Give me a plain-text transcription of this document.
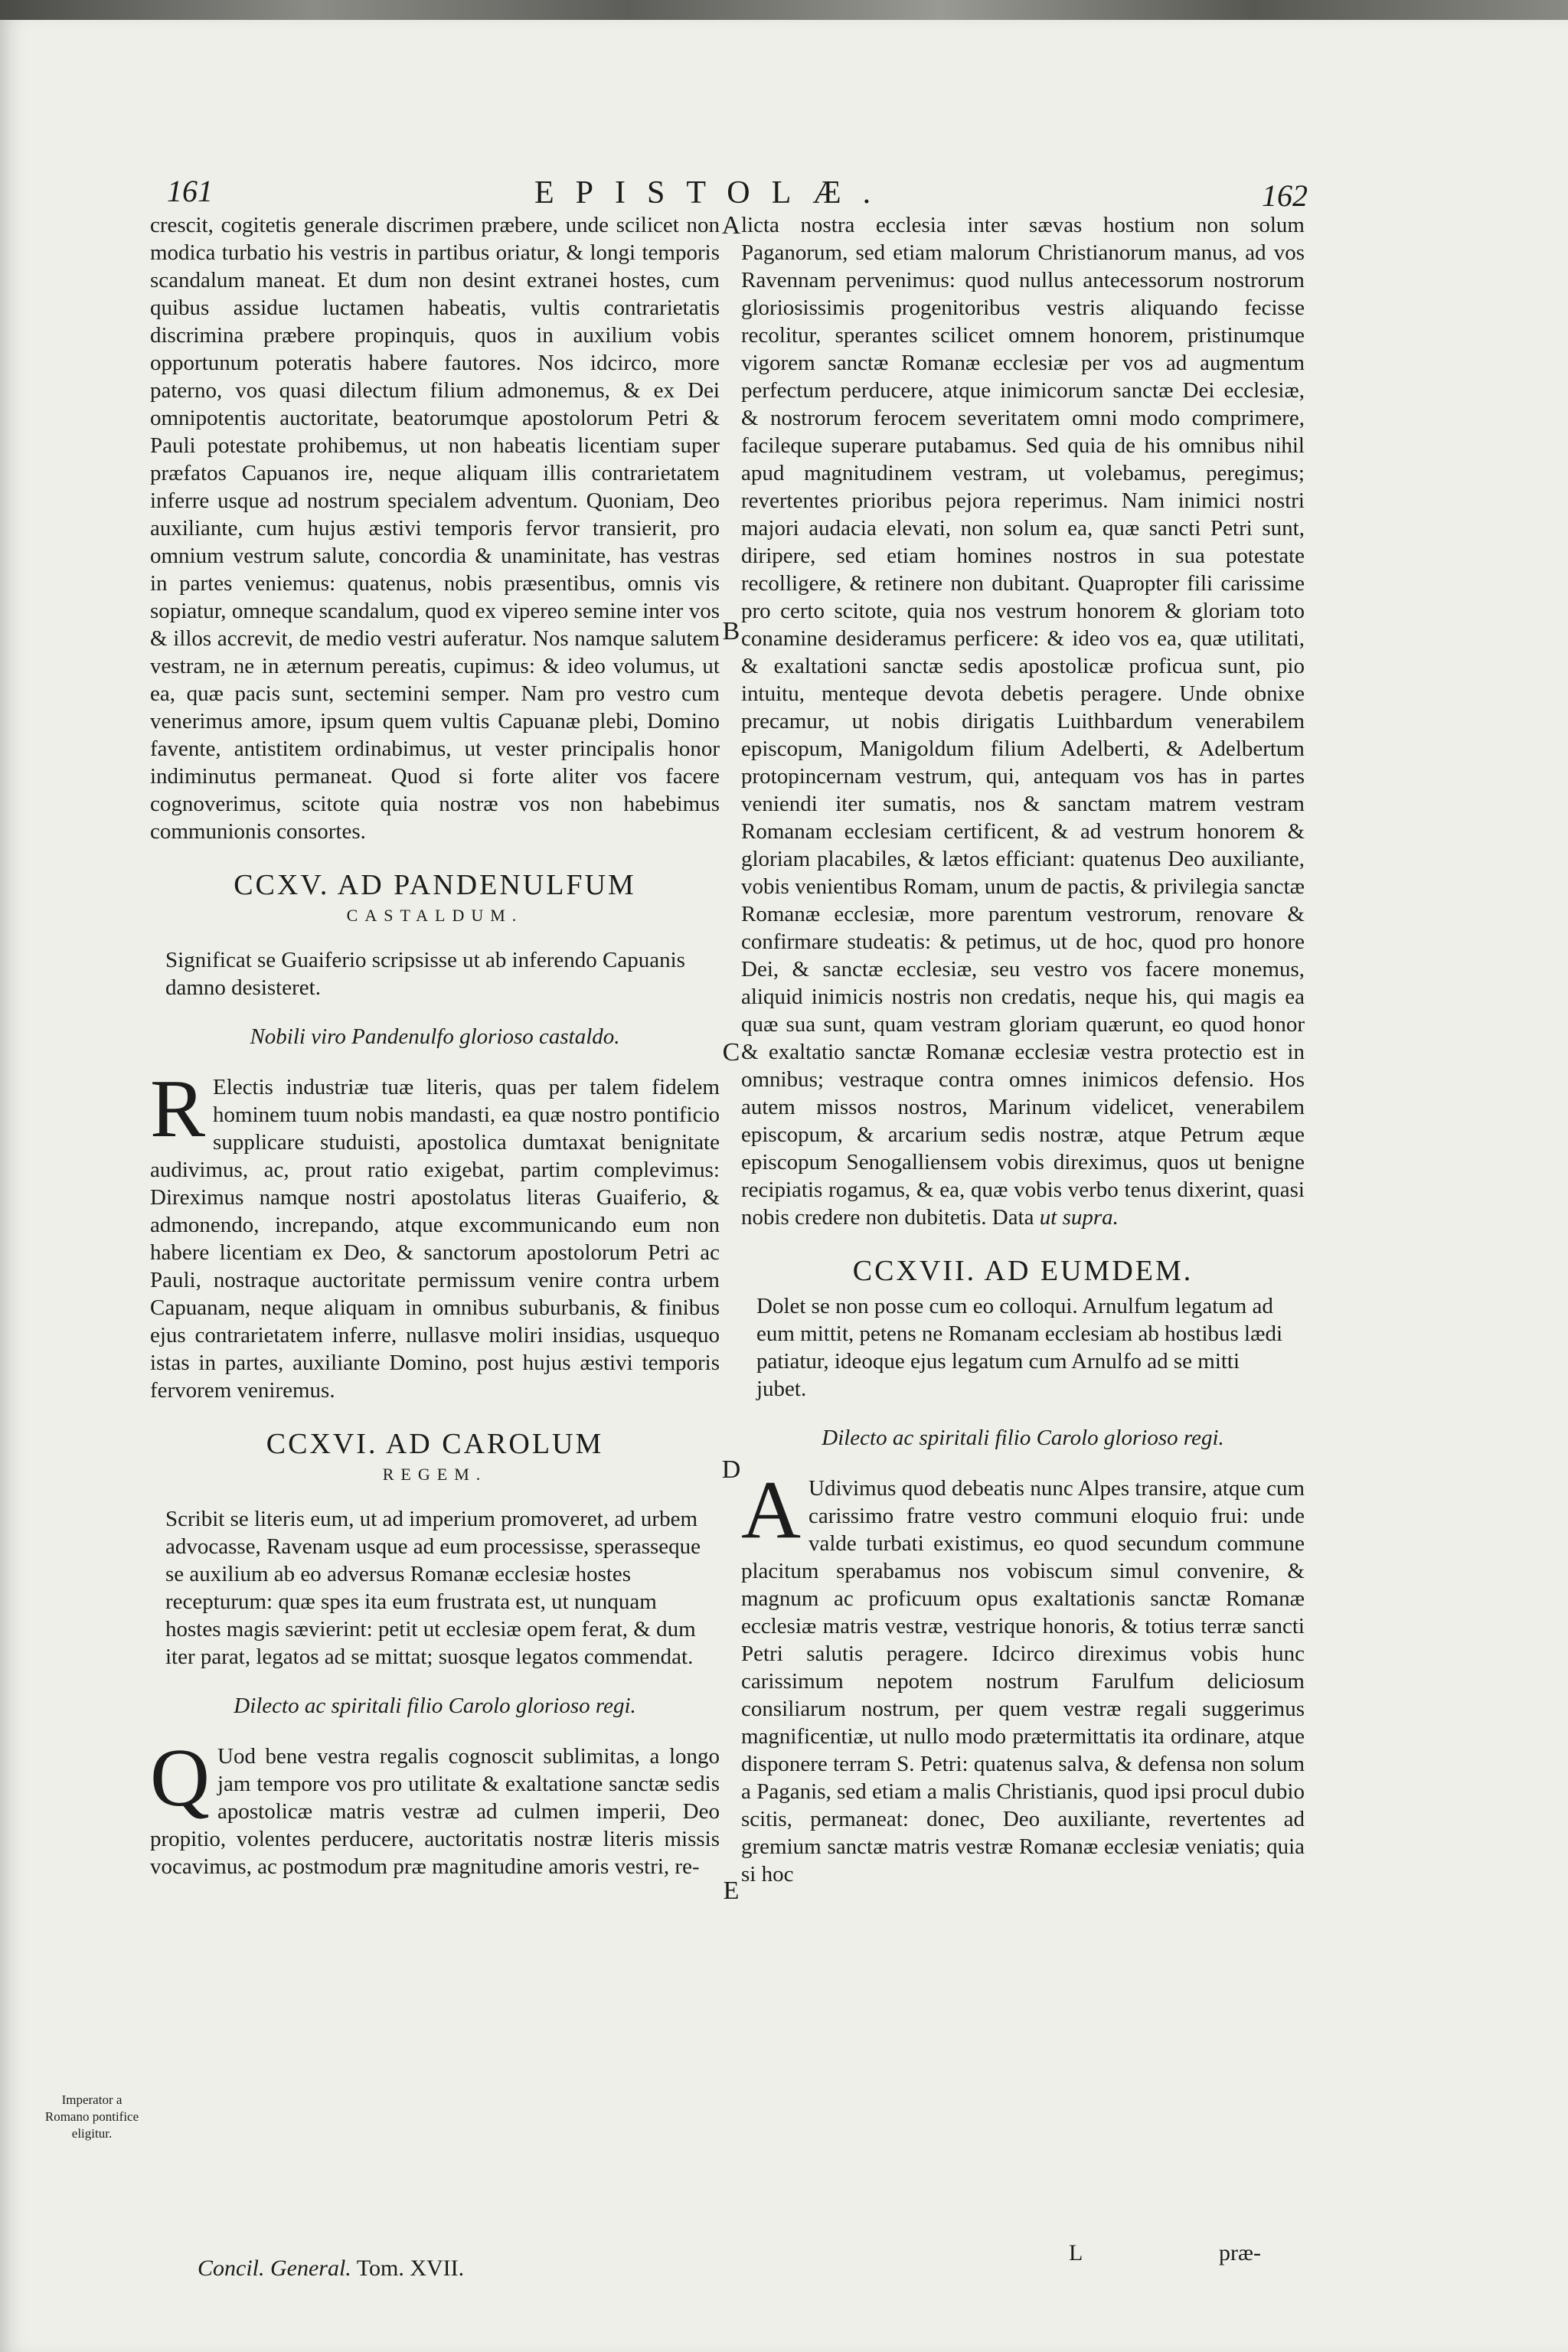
161	EPISTOLÆ.	162
A
B
C
D
E

crescit, cogitetis generale discrimen præbere, unde scilicet non modica turbatio his vestris in partibus oriatur, & longi temporis scandalum maneat. Et dum non desint extranei hostes, cum quibus assidue luctamen habeatis, vultis contrarietatis discrimina præbere propinquis, quos in auxilium vobis opportunum poteratis habere fautores. Nos idcirco, more paterno, vos quasi dilectum filium admonemus, & ex Dei omnipotentis auctoritate, beatorumque apostolorum Petri & Pauli potestate prohibemus, ut non habeatis licentiam super præfatos Capuanos ire, neque aliquam illis contrarietatem inferre usque ad nostrum specialem adventum. Quoniam, Deo auxiliante, cum hujus æstivi temporis fervor transierit, pro omnium vestrum salute, concordia & unaminitate, has vestras in partes veniemus: quatenus, nobis præsentibus, omnis vis sopiatur, omneque scandalum, quod ex vipereo semine inter vos & illos accrevit, de medio vestri auferatur. Nos namque salutem vestram, ne in æternum pereatis, cupimus: & ideo volumus, ut ea, quæ pacis sunt, sectemini semper. Nam pro vestro cum venerimus amore, ipsum quem vultis Capuanæ plebi, Domino favente, antistitem ordinabimus, ut vester principalis honor indiminutus permaneat. Quod si forte aliter vos facere cognoverimus, scitote quia nostræ vos non habebimus communionis consortes.

CCXV. AD PANDENULFUM
CASTALDUM.

Significat se Guaiferio scripsisse ut ab inferendo Capuanis damno desisteret.

Nobili viro Pandenulfo glorioso castaldo.

R Electis industriæ tuæ literis, quas per talem fidelem hominem tuum nobis mandasti, ea quæ nostro pontificio supplicare studuisti, apostolica dumtaxat benignitate audivimus, ac, prout ratio exigebat, partim complevimus: Direximus namque nostri apostolatus literas Guaiferio, & admonendo, increpando, atque excommunicando eum non habere licentiam ex Deo, & sanctorum apostolorum Petri ac Pauli, nostraque auctoritate permissum venire contra urbem Capuanam, neque aliquam in omnibus suburbanis, & finibus ejus contrarietatem inferre, nullasve moliri insidias, usquequo istas in partes, auxiliante Domino, post hujus æstivi temporis fervorem veniremus.

CCXVI. AD CAROLUM
REGEM.

Scribit se literis eum, ut ad imperium promoveret, ad urbem advocasse, Ravenam usque ad eum processisse, sperasseque se auxilium ab eo adversus Romanæ ecclesiæ hostes recepturum: quæ spes ita eum frustrata est, ut nunquam hostes magis sævierint: petit ut ecclesiæ opem ferat, & dum iter parat, legatos ad se mittat; suosque legatos commendat.

Dilecto ac spiritali filio Carolo glorioso regi.

Q Uod bene vestra regalis cognoscit sublimitas, a longo jam tempore vos pro utilitate & exaltatione sanctæ sedis apostolicæ matris vestræ ad culmen imperii, Deo propitio, volentes perducere, auctoritatis nostræ literis missis vocavimus, ac postmodum præ magnitudine amoris vestri, re-

licta nostra ecclesia inter sævas hostium non solum Paganorum, sed etiam malorum Christianorum manus, ad vos Ravennam pervenimus: quod nullus antecessorum nostrorum gloriosissimis progenitoribus vestris aliquando fecisse recolitur, sperantes scilicet omnem honorem, pristinumque vigorem sanctæ Romanæ ecclesiæ per vos ad augmentum perfectum perducere, atque inimicorum sanctæ Dei ecclesiæ, & nostrorum ferocem severitatem omni modo comprimere, facileque superare putabamus. Sed quia de his omnibus nihil apud magnitudinem vestram, ut volebamus, peregimus; revertentes prioribus pejora reperimus. Nam inimici nostri majori audacia elevati, non solum ea, quæ sancti Petri sunt, diripere, sed etiam homines nostros in sua potestate recolligere, & retinere non dubitant. Quapropter fili carissime pro certo scitote, quia nos vestrum honorem & gloriam toto conamine desideramus perficere: & ideo vos ea, quæ utilitati, & exaltationi sanctæ sedis apostolicæ proficua sunt, pio intuitu, menteque devota debetis peragere. Unde obnixe precamur, ut nobis dirigatis Luithbardum venerabilem episcopum, Manigoldum filium Adelberti, & Adelbertum protopincernam vestrum, qui, antequam vos has in partes veniendi iter sumatis, nos & sanctam matrem vestram Romanam ecclesiam certificent, & ad vestrum honorem & gloriam placabiles, & lætos efficiant: quatenus Deo auxiliante, vobis venientibus Romam, unum de pactis, & privilegia sanctæ Romanæ ecclesiæ, more parentum vestrorum, renovare & confirmare studeatis: & petimus, ut de hoc, quod pro honore Dei, & sanctæ ecclesiæ, seu vestro vos facere monemus, aliquid inimicis nostris non credatis, neque his, qui magis ea quæ sua sunt, quam vestram gloriam quærunt, eo quod honor & exaltatio sanctæ Romanæ ecclesiæ vestra protectio est in omnibus; vestraque contra omnes inimicos defensio. Hos autem missos nostros, Marinum videlicet, venerabilem episcopum, & arcarium sedis nostræ, atque Petrum æque episcopum Senogalliensem vobis direximus, quos ut benigne recipiatis rogamus, & ea, quæ vobis verbo tenus dixerint, quasi nobis credere non dubitetis. Data ut supra.

CCXVII. AD EUMDEM.

Dolet se non posse cum eo colloqui. Arnulfum legatum ad eum mittit, petens ne Romanam ecclesiam ab hostibus lædi patiatur, ideoque ejus legatum cum Arnulfo ad se mitti jubet.

Dilecto ac spiritali filio Carolo glorioso regi.

A Udivimus quod debeatis nunc Alpes transire, atque cum carissimo fratre vestro communi eloquio frui: unde valde turbati existimus, eo quod secundum commune placitum sperabamus nos vobiscum simul convenire, & magnum ac proficuum opus exaltationis sanctæ Romanæ ecclesiæ matris vestræ, vestrique honoris, & totius terræ sancti Petri salutis peragere. Idcirco direximus vobis hunc carissimum nepotem nostrum Farulfum deliciosum consiliarum nostrum, per quem vestræ regali suggerimus magnificentiæ, ut nullo modo prætermittatis ita ordinare, atque disponere terram S. Petri: quatenus salva, & defensa non solum a Paganis, sed etiam a malis Christianis, quod ipsi procul dubio scitis, permaneat: donec, Deo auxiliante, revertentes ad gremium sanctæ matris vestræ Romanæ ecclesiæ veniatis; quia si hoc

Imperator a Romano pontifice eligitur.
Concil. General. Tom. XVII.
L	præ-
